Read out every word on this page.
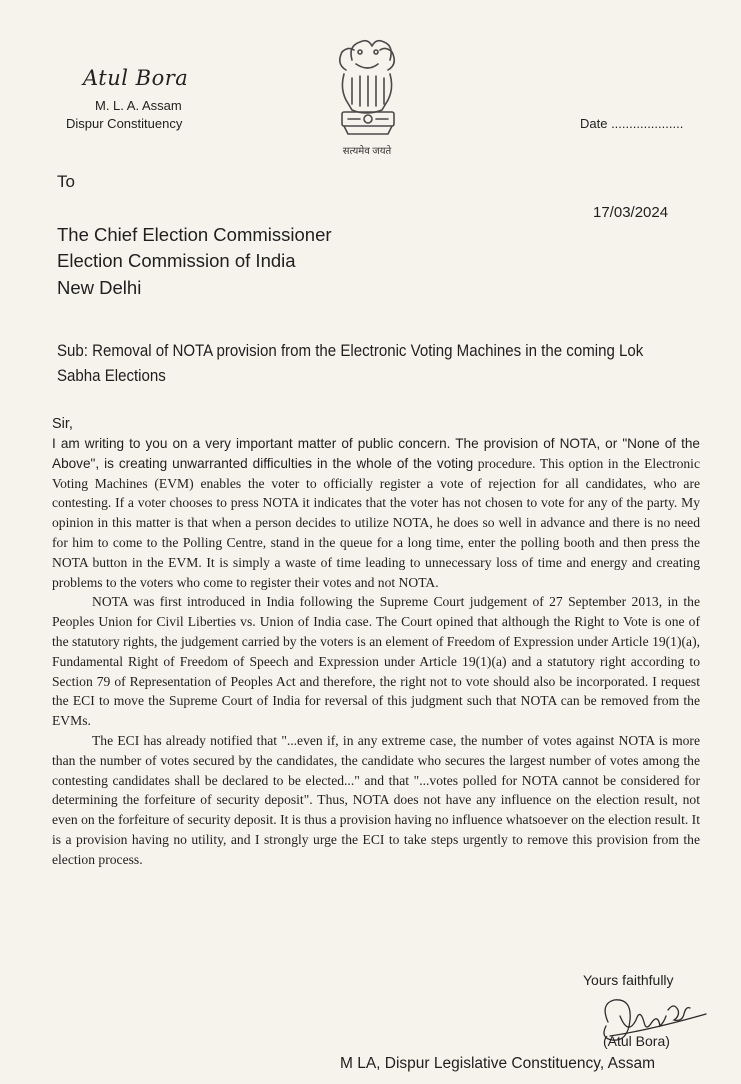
Atul Bora
M. L. A. Assam
Dispur Constituency
सत्यमेव जयते
Date ....................
To
17/03/2024
The Chief Election Commissioner
Election Commission of India
New Delhi
Sub: Removal of NOTA provision from the Electronic Voting Machines in the coming Lok Sabha Elections

Sir,

I am writing to you on a very important matter of public concern. The provision of NOTA, or "None of the Above", is creating unwarranted difficulties in the whole of the voting procedure. This option in the Electronic Voting Machines (EVM) enables the voter to officially register a vote of rejection for all candidates, who are contesting. If a voter chooses to press NOTA it indicates that the voter has not chosen to vote for any of the party. My opinion in this matter is that when a person decides to utilize NOTA, he does so well in advance and there is no need for him to come to the Polling Centre, stand in the queue for a long time, enter the polling booth and then press the NOTA button in the EVM. It is simply a waste of time leading to unnecessary loss of time and energy and creating problems to the voters who come to register their votes and not NOTA.

NOTA was first introduced in India following the Supreme Court judgement of 27 September 2013, in the Peoples Union for Civil Liberties vs. Union of India case. The Court opined that although the Right to Vote is one of the statutory rights, the judgement carried by the voters is an element of Freedom of Expression under Article 19(1)(a), Fundamental Right of Freedom of Speech and Expression under Article 19(1)(a) and a statutory right according to Section 79 of Representation of Peoples Act and therefore, the right not to vote should also be incorporated. I request the ECI to move the Supreme Court of India for reversal of this judgment such that NOTA can be removed from the EVMs.

The ECI has already notified that "...even if, in any extreme case, the number of votes against NOTA is more than the number of votes secured by the candidates, the candidate who secures the largest number of votes among the contesting candidates shall be declared to be elected..." and that "...votes polled for NOTA cannot be considered for determining the forfeiture of security deposit". Thus, NOTA does not have any influence on the election result, not even on the forfeiture of security deposit. It is thus a provision having no influence whatsoever on the election result. It is a provision having no utility, and I strongly urge the ECI to take steps urgently to remove this provision from the election process.

Yours faithfully
(Atul Bora)
M LA, Dispur Legislative Constituency, Assam
